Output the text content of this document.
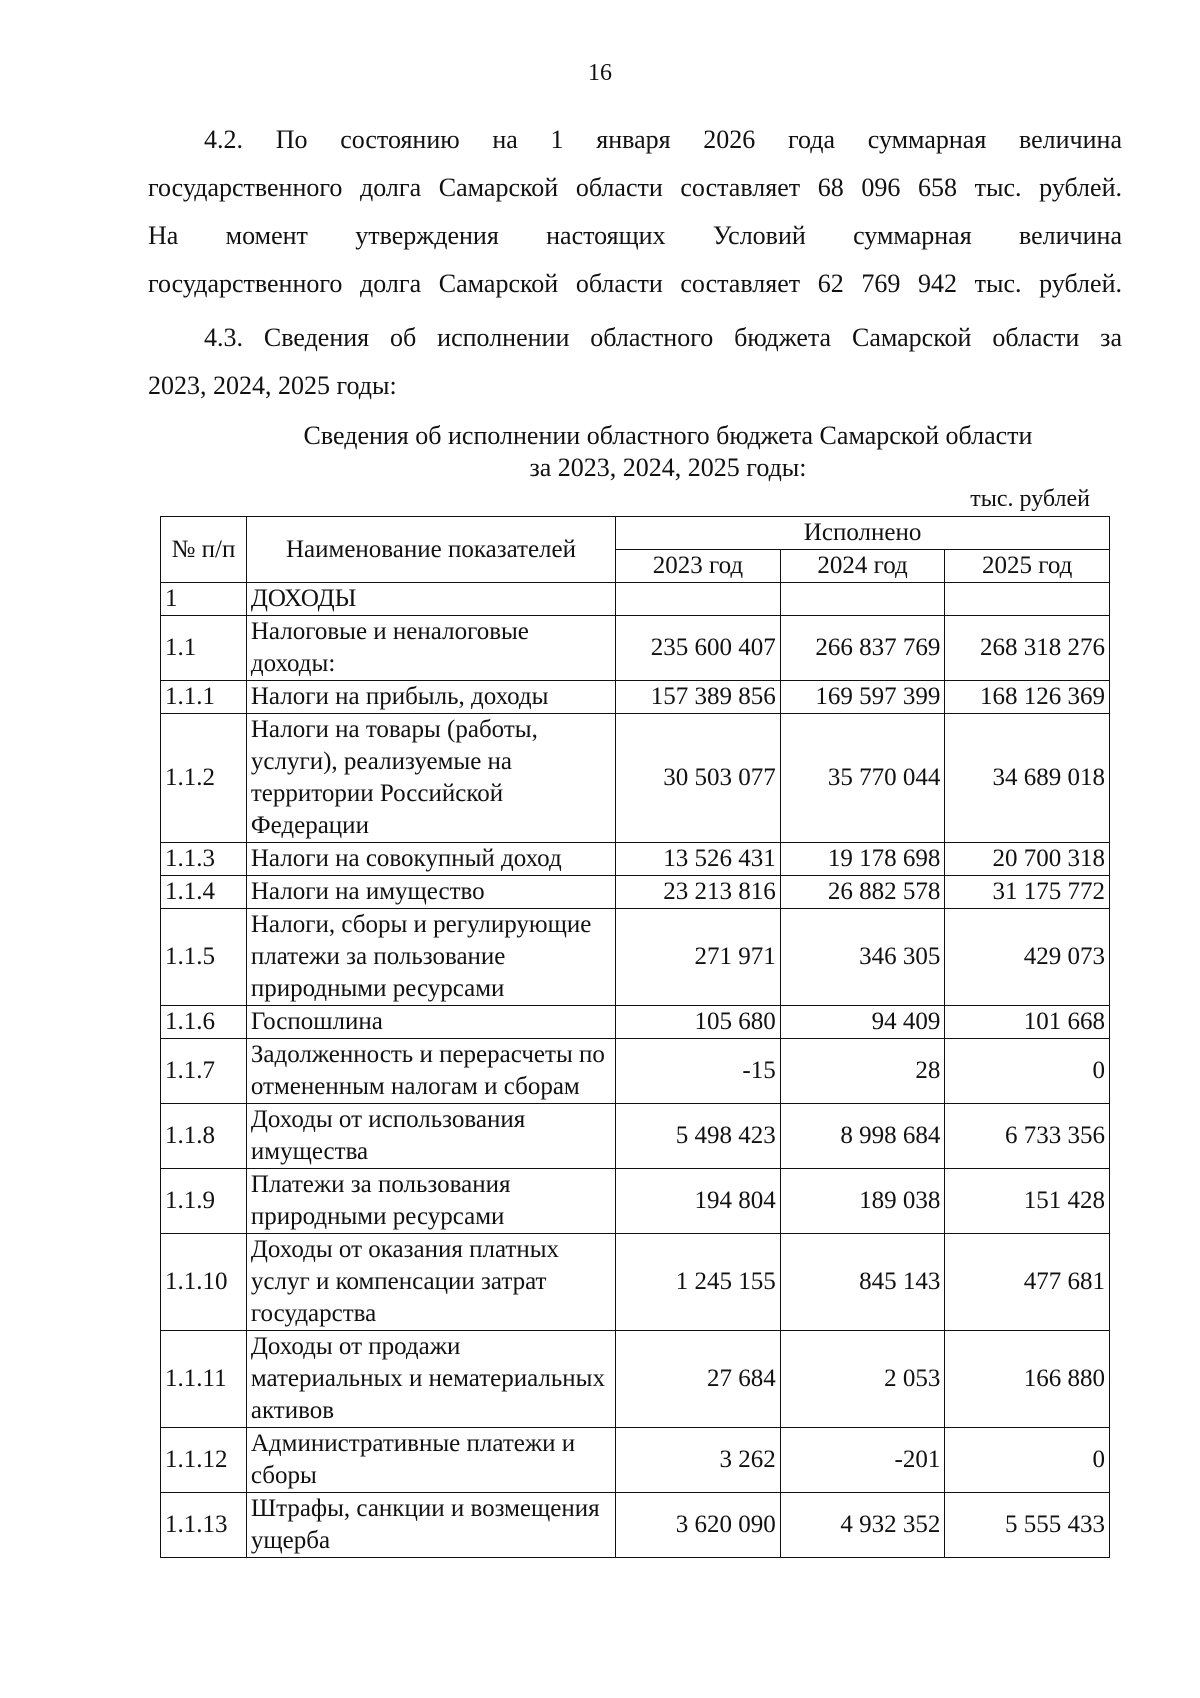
16
4.2. По состоянию на 1 января 2026 года суммарная величина
государственного долга Самарской области составляет 68 096 658 тыс. рублей.
На момент утверждения настоящих Условий суммарная величина
государственного долга Самарской области составляет 62 769 942 тыс. рублей.
4.3. Сведения об исполнении областного бюджета Самарской области за
2023, 2024, 2025 годы:
Сведения об исполнении областного бюджета Самарской области
за 2023, 2024, 2025 годы:
тыс. рублей
№ п/п	Наименование показателей	Исполнено		
		2023 год	2024 год	2025 год
1	ДОХОДЫ			
1.1	Налоговые и неналоговые доходы:	235 600 407	266 837 769	268 318 276
1.1.1	Налоги на прибыль, доходы	157 389 856	169 597 399	168 126 369
1.1.2	Налоги на товары (работы, услуги), реализуемые на территории Российской Федерации	30 503 077	35 770 044	34 689 018
1.1.3	Налоги на совокупный доход	13 526 431	19 178 698	20 700 318
1.1.4	Налоги на имущество	23 213 816	26 882 578	31 175 772
1.1.5	Налоги, сборы и регулирующие платежи за пользование природными ресурсами	271 971	346 305	429 073
1.1.6	Госпошлина	105 680	94 409	101 668
1.1.7	Задолженность и перерасчеты по отмененным налогам и сборам	-15	28	0
1.1.8	Доходы от использования имущества	5 498 423	8 998 684	6 733 356
1.1.9	Платежи за пользования природными ресурсами	194 804	189 038	151 428
1.1.10	Доходы от оказания платных услуг и компенсации затрат государства	1 245 155	845 143	477 681
1.1.11	Доходы от продажи материальных и нематериальных активов	27 684	2 053	166 880
1.1.12	Административные платежи и сборы	3 262	-201	0
1.1.13	Штрафы, санкции и возмещения ущерба	3 620 090	4 932 352	5 555 433
